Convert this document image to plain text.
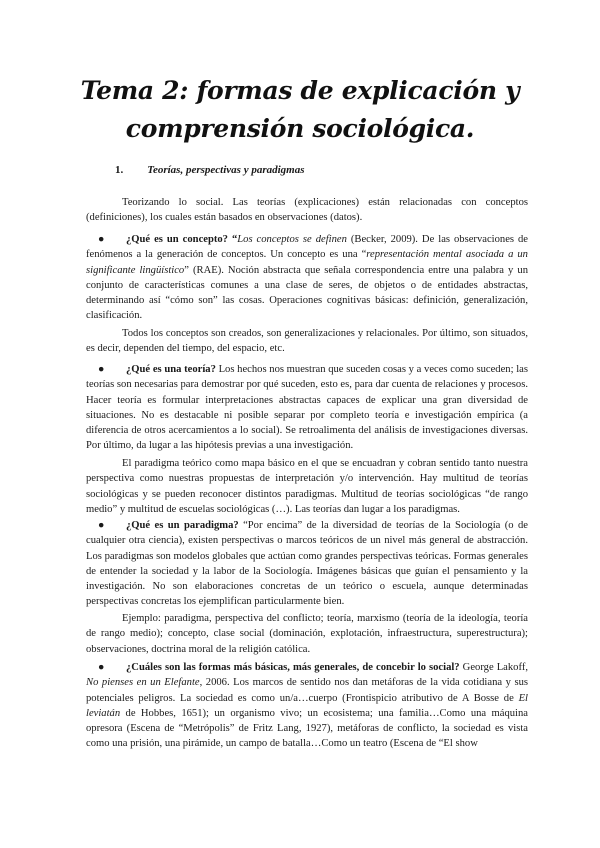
Tema 2: formas de explicación y
comprensión sociológica.
1. Teorías, perspectivas y paradigmas
Teorizando lo social. Las teorías (explicaciones) están relacionadas con conceptos (definiciones), los cuales están basados en observaciones (datos).
● ¿Qué es un concepto? “Los conceptos se definen (Becker, 2009). De las observaciones de fenómenos a la generación de conceptos. Un concepto es una “representación mental asociada a un significante lingüístico” (RAE). Noción abstracta que señala correspondencia entre una palabra y un conjunto de características comunes a una clase de seres, de objetos o de entidades abstractas, determinando así “cómo son” las cosas. Operaciones cognitivas básicas: definición, generalización, clasificación.
Todos los conceptos son creados, son generalizaciones y relacionales. Por último, son situados, es decir, dependen del tiempo, del espacio, etc.
● ¿Qué es una teoría? Los hechos nos muestran que suceden cosas y a veces como suceden; las teorías son necesarias para demostrar por qué suceden, esto es, para dar cuenta de relaciones y procesos. Hacer teoría es formular interpretaciones abstractas capaces de explicar una gran diversidad de situaciones. No es destacable ni posible separar por completo teoría e investigación empírica (a diferencia de otros acercamientos a lo social). Se retroalimenta del análisis de investigaciones diversas. Por último, da lugar a las hipótesis previas a una investigación.
El paradigma teórico como mapa básico en el que se encuadran y cobran sentido tanto nuestra perspectiva como nuestras propuestas de interpretación y/o intervención. Hay multitud de teorías sociológicas y se pueden reconocer distintos paradigmas. Multitud de teorías sociológicas “de rango medio” y multitud de escuelas sociológicas (…). Las teorías dan lugar a los paradigmas.
● ¿Qué es un paradigma? “Por encima” de la diversidad de teorías de la Sociología (o de cualquier otra ciencia), existen perspectivas o marcos teóricos de un nivel más general de abstracción. Los paradigmas son modelos globales que actúan como grandes perspectivas teóricas. Formas generales de entender la sociedad y la labor de la Sociología. Imágenes básicas que guían el pensamiento y la investigación. No son elaboraciones concretas de un teórico o escuela, aunque determinadas perspectivas concretas los ejemplifican particularmente bien.
Ejemplo: paradigma, perspectiva del conflicto; teoría, marxismo (teoría de la ideología, teoría de rango medio); concepto, clase social (dominación, explotación, infraestructura, superestructura); observaciones, doctrina moral de la religión católica.
● ¿Cuáles son las formas más básicas, más generales, de concebir lo social? George Lakoff, No pienses en un Elefante, 2006. Los marcos de sentido nos dan metáforas de la vida cotidiana y sus potenciales peligros. La sociedad es como un/a…cuerpo (Frontispicio atributivo de A Bosse de El leviatán de Hobbes, 1651); un organismo vivo; un ecosistema; una familia…Como una máquina opresora (Escena de “Metrópolis” de Fritz Lang, 1927), metáforas de conflicto, la sociedad es vista como una prisión, una pirámide, un campo de batalla…Como un teatro (Escena de “El show
